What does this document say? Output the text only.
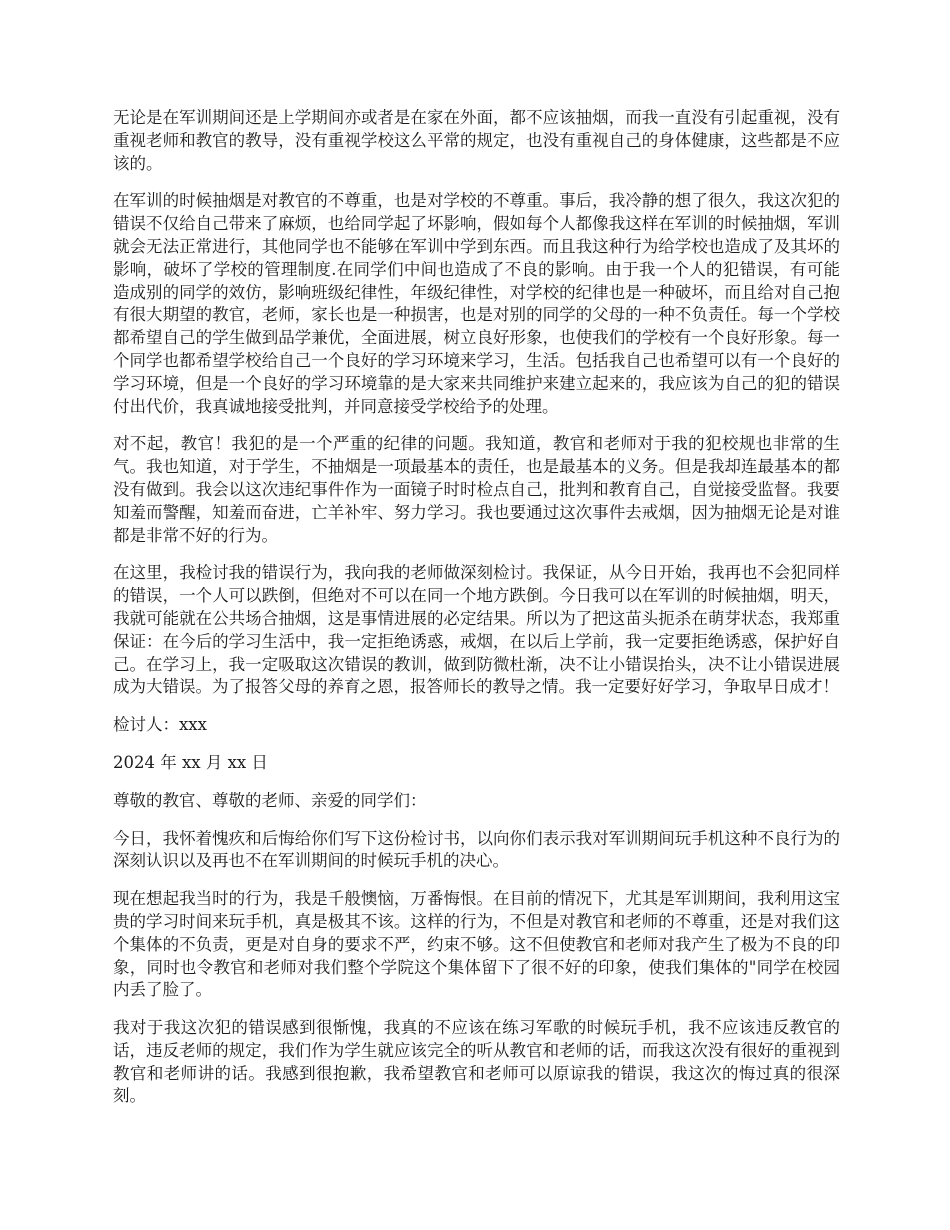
无论是在军训期间还是上学期间亦或者是在家在外面，都不应该抽烟，而我一直没有引起重视，没有重视老师和教官的教导，没有重视学校这么平常的规定，也没有重视自己的身体健康，这些都是不应该的。

在军训的时候抽烟是对教官的不尊重，也是对学校的不尊重。事后，我冷静的想了很久，我这次犯的错误不仅给自己带来了麻烦，也给同学起了坏影响，假如每个人都像我这样在军训的时候抽烟，军训就会无法正常进行，其他同学也不能够在军训中学到东西。而且我这种行为给学校也造成了及其坏的影响，破坏了学校的管理制度.在同学们中间也造成了不良的影响。由于我一个人的犯错误，有可能造成别的同学的效仿，影响班级纪律性，年级纪律性，对学校的纪律也是一种破坏，而且给对自己抱有很大期望的教官，老师，家长也是一种损害，也是对别的同学的父母的一种不负责任。每一个学校都希望自己的学生做到品学兼优，全面进展，树立良好形象，也使我们的学校有一个良好形象。每一个同学也都希望学校给自己一个良好的学习环境来学习，生活。包括我自己也希望可以有一个良好的学习环境，但是一个良好的学习环境靠的是大家来共同维护来建立起来的，我应该为自己的犯的错误付出代价，我真诚地接受批判，并同意接受学校给予的处理。

对不起，教官！我犯的是一个严重的纪律的问题。我知道，教官和老师对于我的犯校规也非常的生气。我也知道，对于学生，不抽烟是一项最基本的责任，也是最基本的义务。但是我却连最基本的都没有做到。我会以这次违纪事件作为一面镜子时时检点自己，批判和教育自己，自觉接受监督。我要知羞而警醒，知羞而奋进，亡羊补牢、努力学习。我也要通过这次事件去戒烟，因为抽烟无论是对谁都是非常不好的行为。

在这里，我检讨我的错误行为，我向我的老师做深刻检讨。我保证，从今日开始，我再也不会犯同样的错误，一个人可以跌倒，但绝对不可以在同一个地方跌倒。今日我可以在军训的时候抽烟，明天，我就可能就在公共场合抽烟，这是事情进展的必定结果。所以为了把这苗头扼杀在萌芽状态，我郑重保证：在今后的学习生活中，我一定拒绝诱惑，戒烟，在以后上学前，我一定要拒绝诱惑，保护好自己。在学习上，我一定吸取这次错误的教训，做到防微杜渐，决不让小错误抬头，决不让小错误进展成为大错误。为了报答父母的养育之恩，报答师长的教导之情。我一定要好好学习，争取早日成才！

检讨人：xxx

2024 年 xx 月 xx 日

尊敬的教官、尊敬的老师、亲爱的同学们：

今日，我怀着愧疚和后悔给你们写下这份检讨书，以向你们表示我对军训期间玩手机这种不良行为的深刻认识以及再也不在军训期间的时候玩手机的决心。

现在想起我当时的行为，我是千般懊恼，万番悔恨。在目前的情况下，尤其是军训期间，我利用这宝贵的学习时间来玩手机，真是极其不该。这样的行为，不但是对教官和老师的不尊重，还是对我们这个集体的不负责，更是对自身的要求不严，约束不够。这不但使教官和老师对我产生了极为不良的印象，同时也令教官和老师对我们整个学院这个集体留下了很不好的印象，使我们集体的"同学在校园内丢了脸了。

我对于我这次犯的错误感到很惭愧，我真的不应该在练习军歌的时候玩手机，我不应该违反教官的话，违反老师的规定，我们作为学生就应该完全的听从教官和老师的话，而我这次没有很好的重视到教官和老师讲的话。我感到很抱歉，我希望教官和老师可以原谅我的错误，我这次的悔过真的很深刻。
